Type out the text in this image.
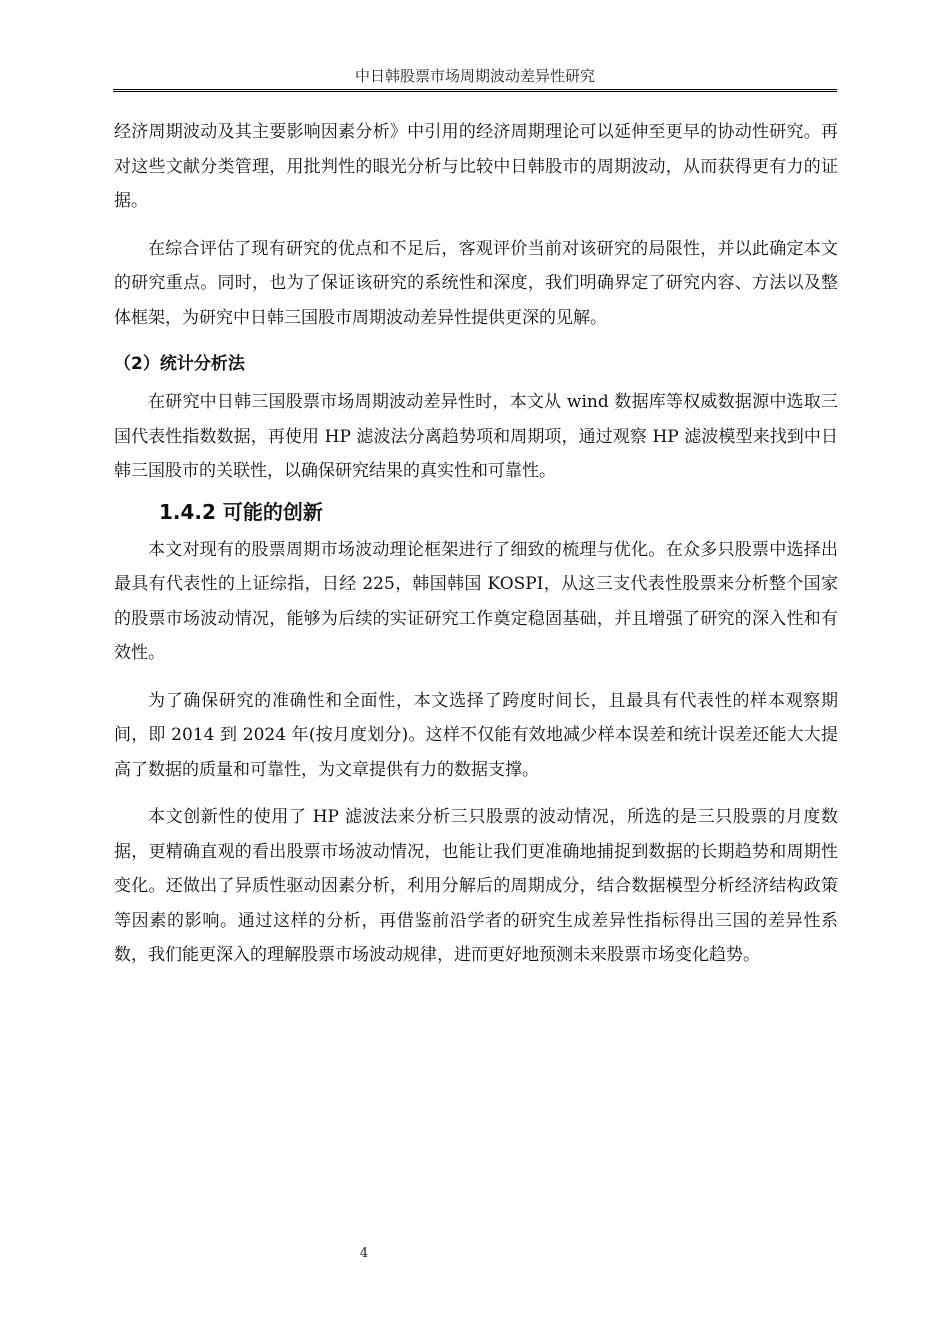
中日韩股票市场周期波动差异性研究

经济周期波动及其主要影响因素分析》中引用的经济周期理论可以延伸至更早的协动性研究。再对这些文献分类管理，用批判性的眼光分析与比较中日韩股市的周期波动，从而获得更有力的证据。

在综合评估了现有研究的优点和不足后，客观评价当前对该研究的局限性，并以此确定本文的研究重点。同时，也为了保证该研究的系统性和深度，我们明确界定了研究内容、方法以及整体框架，为研究中日韩三国股市周期波动差异性提供更深的见解。

（2）统计分析法

在研究中日韩三国股票市场周期波动差异性时，本文从 wind 数据库等权威数据源中选取三国代表性指数数据，再使用 HP 滤波法分离趋势项和周期项，通过观察 HP 滤波模型来找到中日韩三国股市的关联性，以确保研究结果的真实性和可靠性。

1.4.2 可能的创新

本文对现有的股票周期市场波动理论框架进行了细致的梳理与优化。在众多只股票中选择出最具有代表性的上证综指，日经 225，韩国韩国 KOSPI，从这三支代表性股票来分析整个国家的股票市场波动情况，能够为后续的实证研究工作奠定稳固基础，并且增强了研究的深入性和有效性。

为了确保研究的准确性和全面性，本文选择了跨度时间长，且最具有代表性的样本观察期间，即 2014 到 2024 年(按月度划分)。这样不仅能有效地减少样本误差和统计误差还能大大提高了数据的质量和可靠性，为文章提供有力的数据支撑。

本文创新性的使用了 HP 滤波法来分析三只股票的波动情况，所选的是三只股票的月度数据，更精确直观的看出股票市场波动情况，也能让我们更准确地捕捉到数据的长期趋势和周期性变化。还做出了异质性驱动因素分析，利用分解后的周期成分，结合数据模型分析经济结构政策等因素的影响。通过这样的分析，再借鉴前沿学者的研究生成差异性指标得出三国的差异性系数，我们能更深入的理解股票市场波动规律，进而更好地预测未来股票市场变化趋势。

4
